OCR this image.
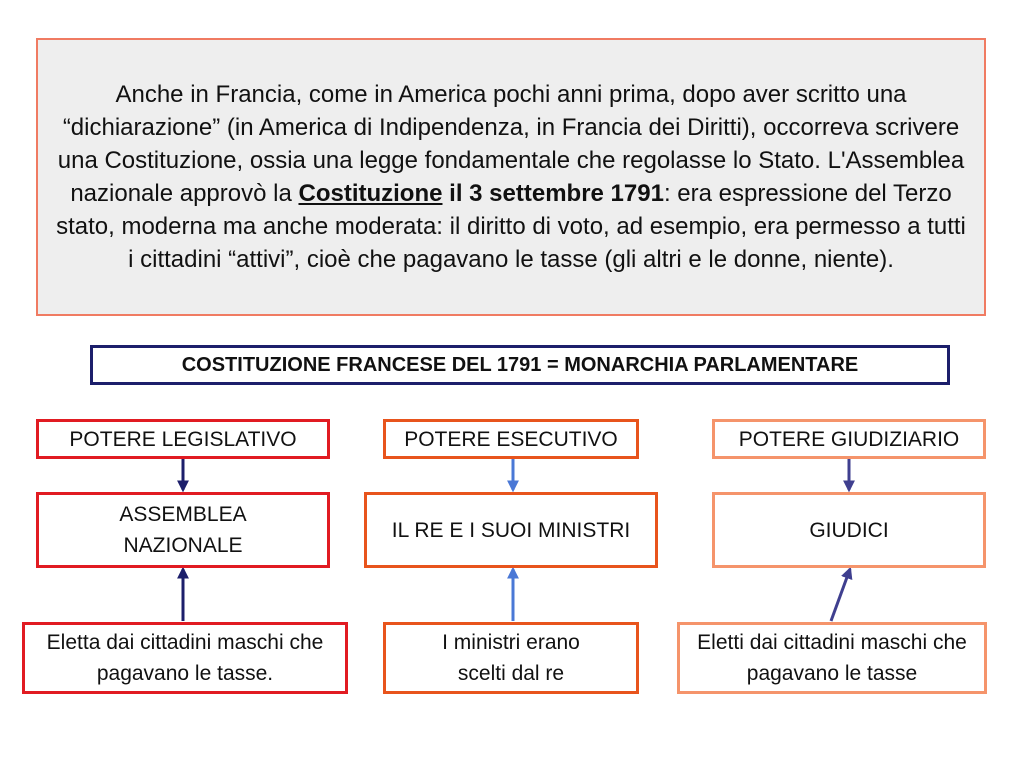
Anche in Francia, come in America pochi anni prima, dopo aver scritto una “dichiarazione” (in America di Indipendenza, in Francia dei Diritti), occorreva scrivere una Costituzione, ossia una legge fondamentale che regolasse lo Stato. L'Assemblea nazionale approvò la Costituzione il 3 settembre 1791: era espressione del Terzo stato, moderna ma anche moderata: il diritto di voto, ad esempio, era permesso a tutti i cittadini “attivi”, cioè che pagavano le tasse (gli altri e le donne, niente).
COSTITUZIONE FRANCESE DEL 1791 = MONARCHIA PARLAMENTARE
POTERE LEGISLATIVO
ASSEMBLEA NAZIONALE
Eletta dai cittadini maschi che pagavano le tasse.
POTERE ESECUTIVO
IL RE E I SUOI MINISTRI
I ministri erano scelti dal re
POTERE GIUDIZIARIO
GIUDICI
Eletti dai cittadini maschi che pagavano le tasse
